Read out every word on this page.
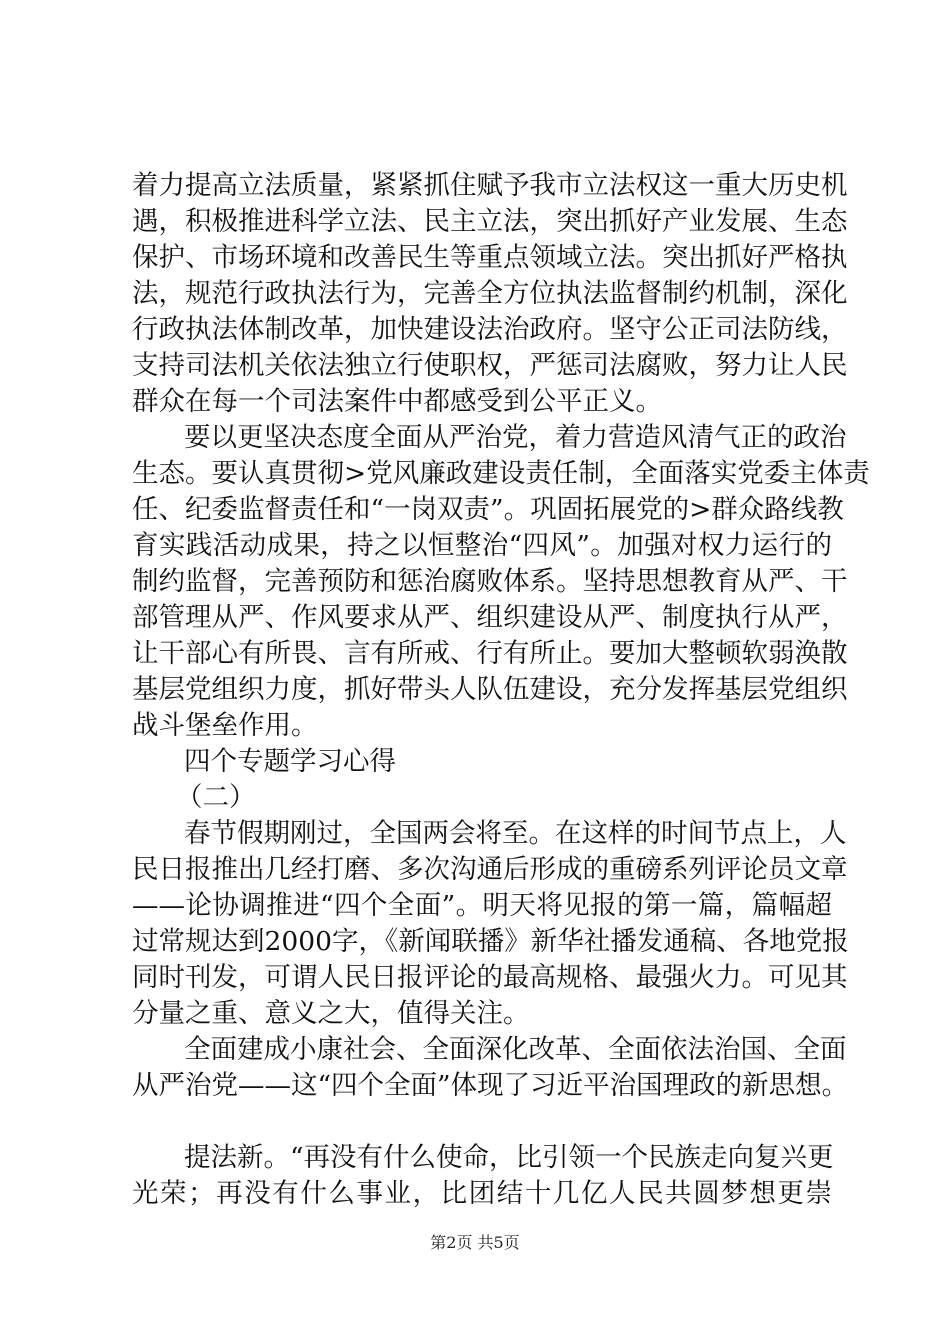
着力提高立法质量，紧紧抓住赋予我市立法权这一重大历史机
遇，积极推进科学立法、民主立法，突出抓好产业发展、生态
保护、市场环境和改善民生等重点领域立法。突出抓好严格执
法，规范行政执法行为，完善全方位执法监督制约机制，深化
行政执法体制改革，加快建设法治政府。坚守公正司法防线，
支持司法机关依法独立行使职权，严惩司法腐败，努力让人民
群众在每一个司法案件中都感受到公平正义。
要以更坚决态度全面从严治党，着力营造风清气正的政治
生态。要认真贯彻>党风廉政建设责任制，全面落实党委主体责
任、纪委监督责任和“一岗双责”。巩固拓展党的>群众路线教
育实践活动成果，持之以恒整治“四风”。加强对权力运行的
制约监督，完善预防和惩治腐败体系。坚持思想教育从严、干
部管理从严、作风要求从严、组织建设从严、制度执行从严，
让干部心有所畏、言有所戒、行有所止。要加大整顿软弱涣散
基层党组织力度，抓好带头人队伍建设，充分发挥基层党组织
战斗堡垒作用。
四个专题学习心得
（二）
春节假期刚过，全国两会将至。在这样的时间节点上，人
民日报推出几经打磨、多次沟通后形成的重磅系列评论员文章
——论协调推进“四个全面”。明天将见报的第一篇，篇幅超
过常规达到2000字，《新闻联播》新华社播发通稿、各地党报
同时刊发，可谓人民日报评论的最高规格、最强火力。可见其
分量之重、意义之大，值得关注。
全面建成小康社会、全面深化改革、全面依法治国、全面
从严治党——这“四个全面”体现了习近平治国理政的新思想。
提法新。“再没有什么使命，比引领一个民族走向复兴更
光荣；再没有什么事业，比团结十几亿人民共圆梦想更崇
第2页 共5页
